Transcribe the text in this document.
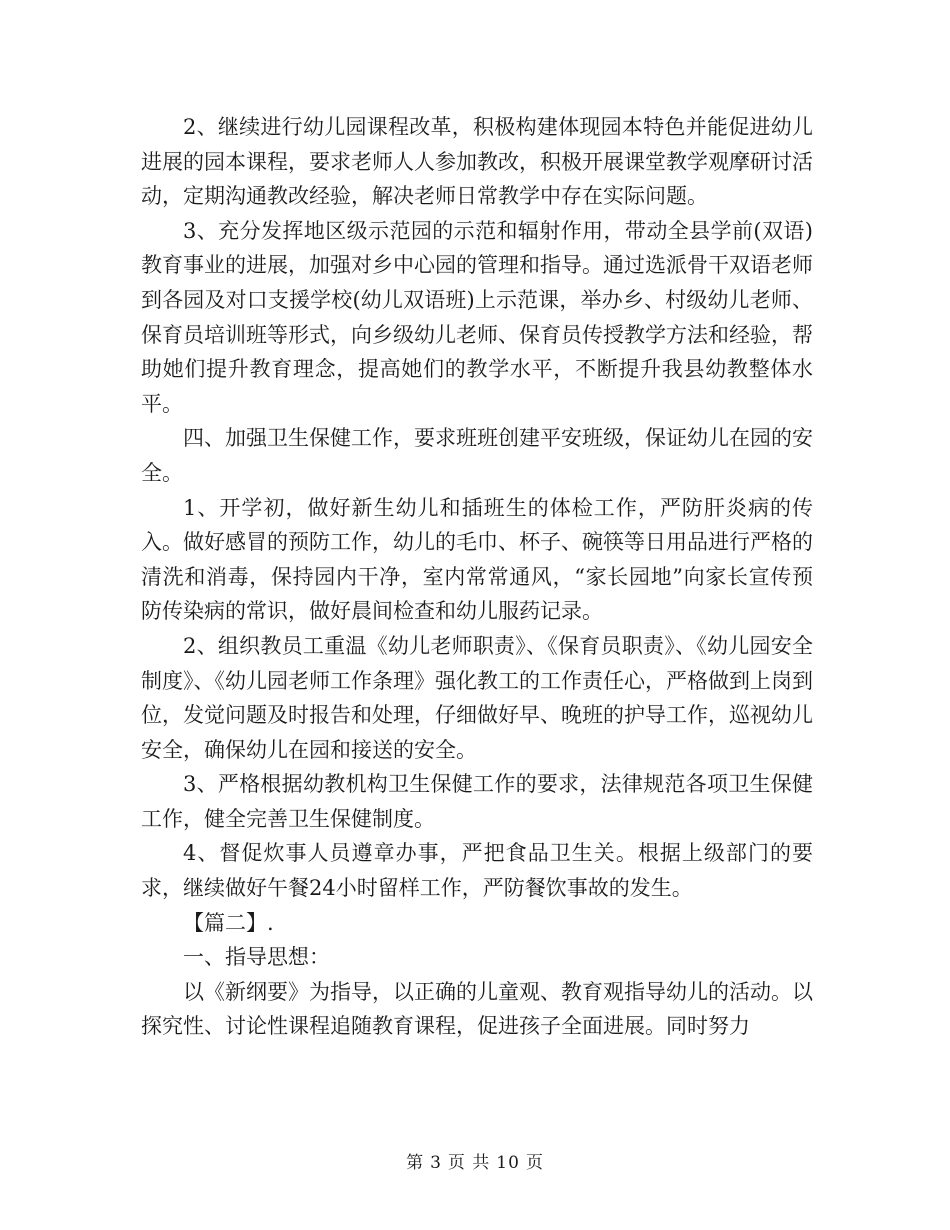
2、继续进行幼儿园课程改革，积极构建体现园本特色并能促进幼儿进展的园本课程，要求老师人人参加教改，积极开展课堂教学观摩研讨活动，定期沟通教改经验，解决老师日常教学中存在实际问题。

3、充分发挥地区级示范园的示范和辐射作用，带动全县学前(双语)教育事业的进展，加强对乡中心园的管理和指导。通过选派骨干双语老师到各园及对口支援学校(幼儿双语班)上示范课，举办乡、村级幼儿老师、保育员培训班等形式，向乡级幼儿老师、保育员传授教学方法和经验，帮助她们提升教育理念，提高她们的教学水平，不断提升我县幼教整体水平。

四、加强卫生保健工作，要求班班创建平安班级，保证幼儿在园的安全。

1、开学初，做好新生幼儿和插班生的体检工作，严防肝炎病的传入。做好感冒的预防工作，幼儿的毛巾、杯子、碗筷等日用品进行严格的清洗和消毒，保持园内干净，室内常常通风，“家长园地”向家长宣传预防传染病的常识，做好晨间检查和幼儿服药记录。

2、组织教员工重温《幼儿老师职责》、《保育员职责》、《幼儿园安全制度》、《幼儿园老师工作条理》强化教工的工作责任心，严格做到上岗到位，发觉问题及时报告和处理，仔细做好早、晚班的护导工作，巡视幼儿安全，确保幼儿在园和接送的安全。

3、严格根据幼教机构卫生保健工作的要求，法律规范各项卫生保健工作，健全完善卫生保健制度。

4、督促炊事人员遵章办事，严把食品卫生关。根据上级部门的要求，继续做好午餐24小时留样工作，严防餐饮事故的发生。

【篇二】.

一、指导思想：

以《新纲要》为指导，以正确的儿童观、教育观指导幼儿的活动。以探究性、讨论性课程追随教育课程，促进孩子全面进展。同时努力

第 3 页 共 10 页
